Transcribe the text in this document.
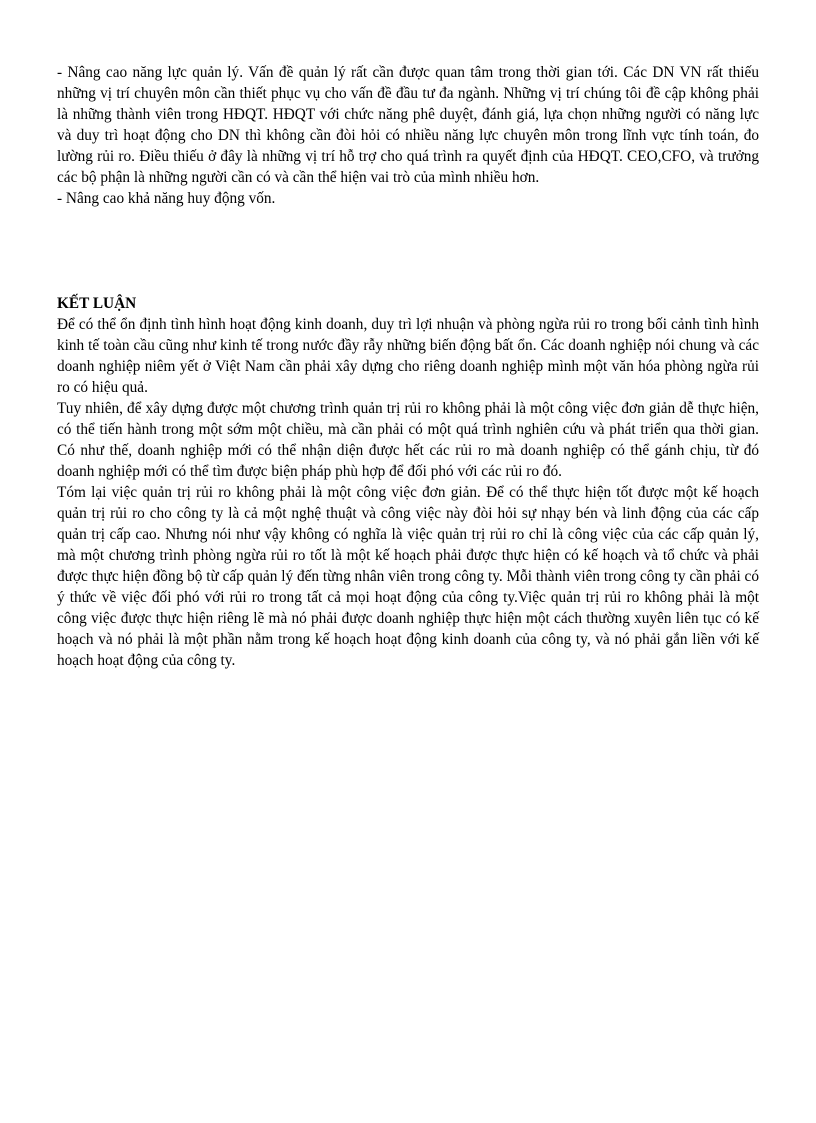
- Nâng cao năng lực quản lý. Vấn đề quản lý rất cần được quan tâm trong thời gian tới. Các DN VN rất thiếu những vị trí chuyên môn cần thiết phục vụ cho vấn đề đầu tư đa ngành. Những vị trí chúng tôi đề cập không phải là những thành viên trong HĐQT. HĐQT với chức năng phê duyệt, đánh giá, lựa chọn những người có năng lực và duy trì hoạt động cho DN thì không cần đòi hỏi có nhiều năng lực chuyên môn trong lĩnh vực tính toán, đo lường rủi ro. Điều thiếu ở đây là những vị trí hỗ trợ cho quá trình ra quyết định của HĐQT. CEO,CFO, và trưởng các bộ phận là những người cần có và cần thể hiện vai trò của mình nhiều hơn.

- Nâng cao khả năng huy động vốn.

KẾT LUẬN

Để có thể ổn định tình hình hoạt động kinh doanh, duy trì lợi nhuận và phòng ngừa rủi ro trong bối cảnh tình hình kinh tế toàn cầu cũng như kinh tế trong nước đầy rẫy những biến động bất ổn. Các doanh nghiệp nói chung và các doanh nghiệp niêm yết ở Việt Nam cần phải xây dựng cho riêng doanh nghiệp mình một văn hóa phòng ngừa rủi ro có hiệu quả.

Tuy nhiên, để xây dựng được một chương trình quản trị rủi ro không phải là một công việc đơn giản dễ thực hiện, có thể tiến hành trong một sớm một chiều, mà cần phải có một quá trình nghiên cứu và phát triển qua thời gian. Có như thế, doanh nghiệp mới có thể nhận diện được hết các rủi ro mà doanh nghiệp có thể gánh chịu, từ đó doanh nghiệp mới có thể tìm được biện pháp phù hợp để đối phó với các rủi ro đó.

Tóm lại việc quản trị rủi ro không phải là một công việc đơn giản. Để có thể thực hiện tốt được một kế hoạch quản trị rủi ro cho công ty là cả một nghệ thuật và công việc này đòi hỏi sự nhạy bén và linh động của các cấp quản trị cấp cao. Nhưng nói như vậy không có nghĩa là việc quản trị rủi ro chỉ là công việc của các cấp quản lý, mà một chương trình phòng ngừa rủi ro tốt là một kế hoạch phải được thực hiện có kế hoạch và tổ chức và phải được thực hiện đồng bộ từ cấp quản lý đến từng nhân viên trong công ty. Mỗi thành viên trong công ty cần phải có ý thức về việc đối phó với rủi ro trong tất cả mọi hoạt động của công ty.Việc quản trị rủi ro không phải là một công việc được thực hiện riêng lẽ mà nó phải được doanh nghiệp thực hiện một cách thường xuyên liên tục có kế hoạch và nó phải là một phần nằm trong kế hoạch hoạt động kinh doanh của công ty, và nó phải gắn liền với kế hoạch hoạt động của công ty.
